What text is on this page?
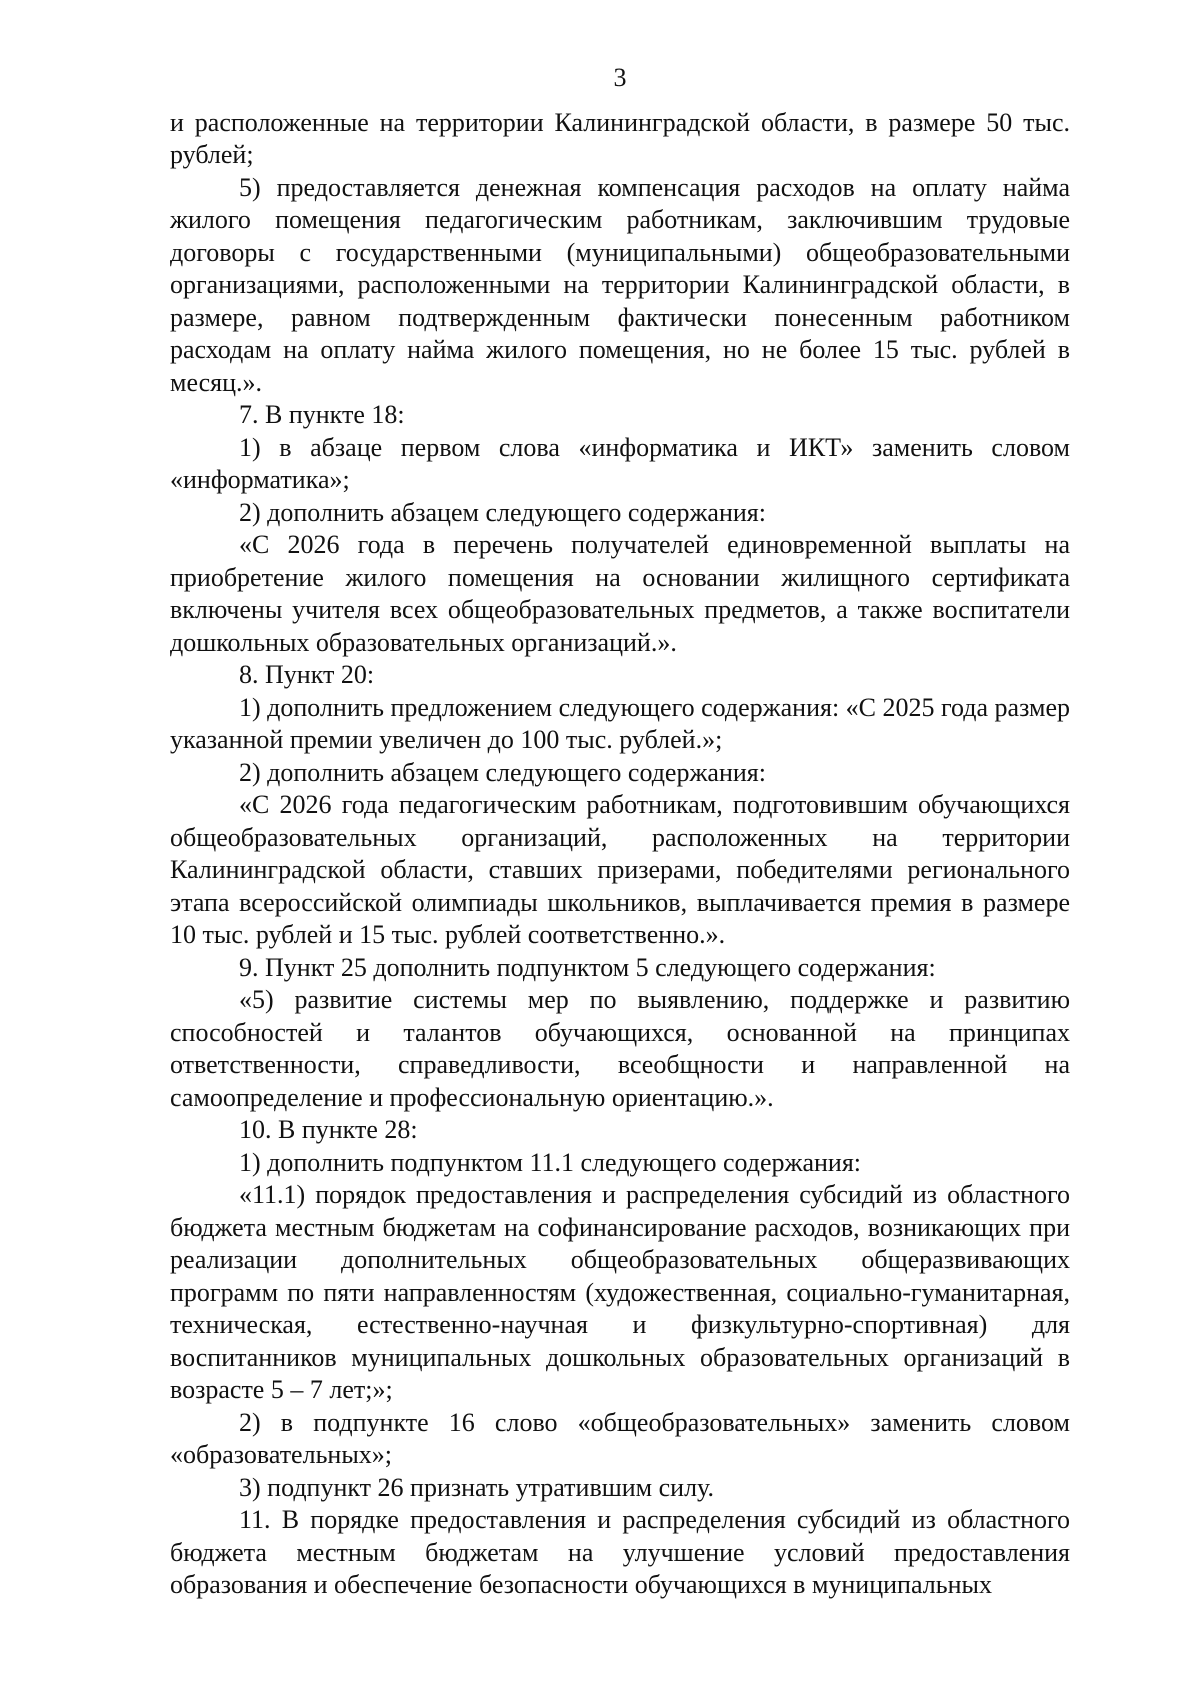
3

и расположенные на территории Калининградской области, в размере 50 тыс. рублей;

5) предоставляется денежная компенсация расходов на оплату найма жилого помещения педагогическим работникам, заключившим трудовые договоры с государственными (муниципальными) общеобразовательными организациями, расположенными на территории Калининградской области, в размере, равном подтвержденным фактически понесенным работником расходам на оплату найма жилого помещения, но не более 15 тыс. рублей в месяц.».

7. В пункте 18:

1) в абзаце первом слова «информатика и ИКТ» заменить словом «информатика»;

2) дополнить абзацем следующего содержания:

«С 2026 года в перечень получателей единовременной выплаты на приобретение жилого помещения на основании жилищного сертификата включены учителя всех общеобразовательных предметов, а также воспитатели дошкольных образовательных организаций.».

8. Пункт 20:

1) дополнить предложением следующего содержания: «С 2025 года размер указанной премии увеличен до 100 тыс. рублей.»;

2) дополнить абзацем следующего содержания:

«С 2026 года педагогическим работникам, подготовившим обучающихся общеобразовательных организаций, расположенных на территории Калининградской области, ставших призерами, победителями регионального этапа всероссийской олимпиады школьников, выплачивается премия в размере 10 тыс. рублей и 15 тыс. рублей соответственно.».

9. Пункт 25 дополнить подпунктом 5 следующего содержания:

«5) развитие системы мер по выявлению, поддержке и развитию способностей и талантов обучающихся, основанной на принципах ответственности, справедливости, всеобщности и направленной на самоопределение и профессиональную ориентацию.».

10. В пункте 28:

1) дополнить подпунктом 11.1 следующего содержания:

«11.1) порядок предоставления и распределения субсидий из областного бюджета местным бюджетам на софинансирование расходов, возникающих при реализации дополнительных общеобразовательных общеразвивающих программ по пяти направленностям (художественная, социально-гуманитарная, техническая, естественно-научная и физкультурно-спортивная) для воспитанников муниципальных дошкольных образовательных организаций в возрасте 5 – 7 лет;»;

2) в подпункте 16 слово «общеобразовательных» заменить словом «образовательных»;

3) подпункт 26 признать утратившим силу.

11. В порядке предоставления и распределения субсидий из областного бюджета местным бюджетам на улучшение условий предоставления образования и обеспечение безопасности обучающихся в муниципальных
